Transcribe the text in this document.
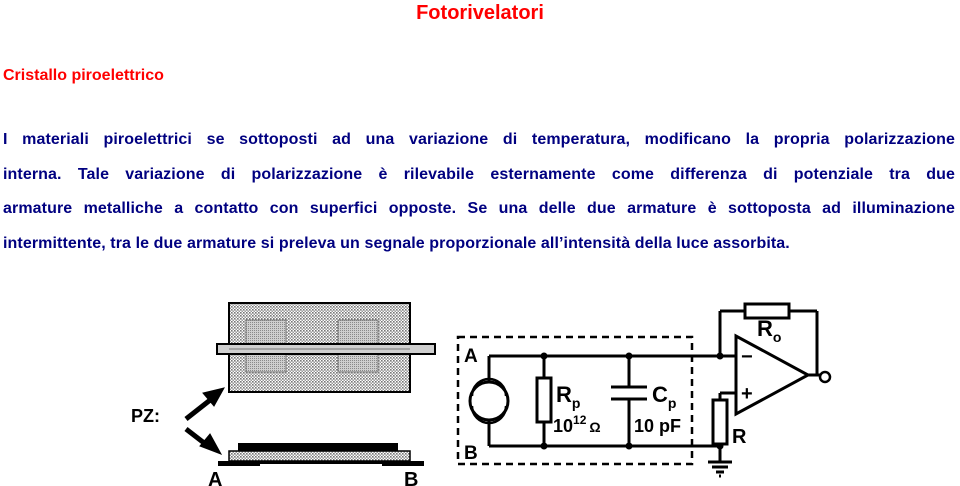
Fotorivelatori
Cristallo piroelettrico
I materiali piroelettrici se sottoposti ad una variazione di temperatura, modificano la propria polarizzazione
interna. Tale variazione di polarizzazione è rilevabile esternamente come differenza di potenziale tra due
armature metalliche a contatto con superfici opposte. Se una delle due armature è sottoposta ad illuminazione
intermittente, tra le due armature si preleva un segnale proporzionale all’intensità della luce assorbita.
PZ:
A	B
A
B
$R_p$
$10^{12}$ $_\Omega$
$C_p$
10 pF
$R_o$
−
+
R
